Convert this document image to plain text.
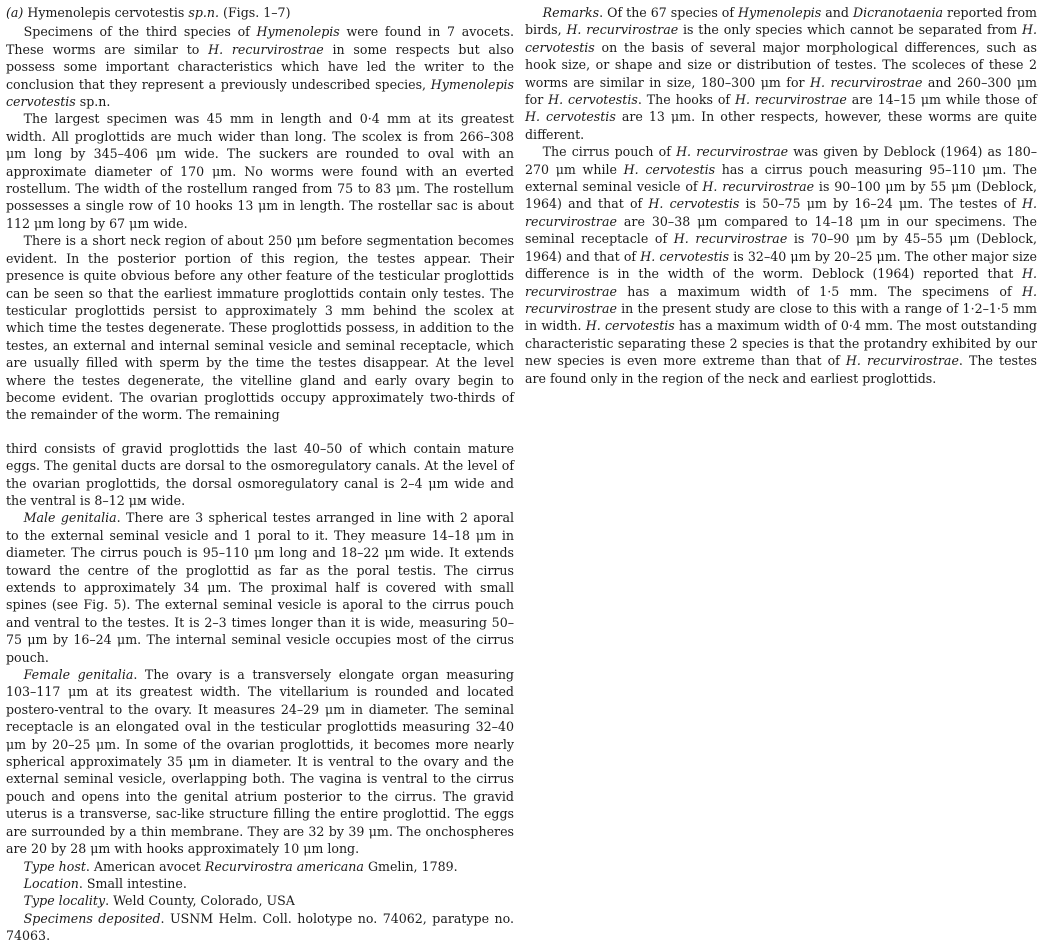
(a) Hymenolepis cervotestis sp.n. (Figs. 1–7)

Specimens of the third species of Hymenolepis were found in 7 avocets. These worms are similar to H. recurvirostrae in some respects but also possess some important characteristics which have led the writer to the conclusion that they represent a previously undescribed species, Hymenolepis cervotestis sp.n.

The largest specimen was 45 mm in length and 0·4 mm at its greatest width. All proglottids are much wider than long. The scolex is from 266–308 μm long by 345–406 μm wide. The suckers are rounded to oval with an approximate diameter of 170 μm. No worms were found with an everted rostellum. The width of the rostellum ranged from 75 to 83 μm. The rostellum possesses a single row of 10 hooks 13 μm in length. The rostellar sac is about 112 μm long by 67 μm wide.

There is a short neck region of about 250 μm before segmentation becomes evident. In the posterior portion of this region, the testes appear. Their presence is quite obvious before any other feature of the testicular proglottids can be seen so that the earliest immature proglottids contain only testes. The testicular proglottids persist to approximately 3 mm behind the scolex at which time the testes degenerate. These proglottids possess, in addition to the testes, an external and internal seminal vesicle and seminal receptacle, which are usually filled with sperm by the time the testes disappear. At the level where the testes degenerate, the vitelline gland and early ovary begin to become evident. The ovarian proglottids occupy approximately two-thirds of the remainder of the worm. The remaining

third consists of gravid proglottids the last 40–50 of which contain mature eggs. The genital ducts are dorsal to the osmoregulatory canals. At the level of the ovarian proglottids, the dorsal osmoregulatory canal is 2–4 μm wide and the ventral is 8–12 μм wide.

Male genitalia. There are 3 spherical testes arranged in line with 2 aporal to the external seminal vesicle and 1 poral to it. They measure 14–18 μm in diameter. The cirrus pouch is 95–110 μm long and 18–22 μm wide. It extends toward the centre of the proglottid as far as the poral testis. The cirrus extends to approximately 34 μm. The proximal half is covered with small spines (see Fig. 5). The external seminal vesicle is aporal to the cirrus pouch and ventral to the testes. It is 2–3 times longer than it is wide, measuring 50–75 μm by 16–24 μm. The internal seminal vesicle occupies most of the cirrus pouch.

Female genitalia. The ovary is a transversely elongate organ measuring 103–117 μm at its greatest width. The vitellarium is rounded and located postero-ventral to the ovary. It measures 24–29 μm in diameter. The seminal receptacle is an elongated oval in the testicular proglottids measuring 32–40 μm by 20–25 μm. In some of the ovarian proglottids, it becomes more nearly spherical approximately 35 μm in diameter. It is ventral to the ovary and the external seminal vesicle, overlapping both. The vagina is ventral to the cirrus pouch and opens into the genital atrium posterior to the cirrus. The gravid uterus is a transverse, sac-like structure filling the entire proglottid. The eggs are surrounded by a thin membrane. They are 32 by 39 μm. The onchospheres are 20 by 28 μm with hooks approximately 10 μm long.

Type host. American avocet Recurvirostra americana Gmelin, 1789.

Location. Small intestine.

Type locality. Weld County, Colorado, USA

Specimens deposited. USNM Helm. Coll. holotype no. 74062, paratype no. 74063.

Remarks. Of the 67 species of Hymenolepis and Dicranotaenia reported from birds, H. recurvirostrae is the only species which cannot be separated from H. cervotestis on the basis of several major morphological differences, such as hook size, or shape and size or distribution of testes. The scoleces of these 2 worms are similar in size, 180–300 μm for H. recurvirostrae and 260–300 μm for H. cervotestis. The hooks of H. recurvirostrae are 14–15 μm while those of H. cervotestis are 13 μm. In other respects, however, these worms are quite different.

The cirrus pouch of H. recurvirostrae was given by Deblock (1964) as 180–270 μm while H. cervotestis has a cirrus pouch measuring 95–110 μm. The external seminal vesicle of H. recurvirostrae is 90–100 μm by 55 μm (Deblock, 1964) and that of H. cervotestis is 50–75 μm by 16–24 μm. The testes of H. recurvirostrae are 30–38 μm compared to 14–18 μm in our specimens. The seminal receptacle of H. recurvirostrae is 70–90 μm by 45–55 μm (Deblock, 1964) and that of H. cervotestis is 32–40 μm by 20–25 μm. The other major size difference is in the width of the worm. Deblock (1964) reported that H. recurvirostrae has a maximum width of 1·5 mm. The specimens of H. recurvirostrae in the present study are close to this with a range of 1·2–1·5 mm in width. H. cervotestis has a maximum width of 0·4 mm. The most outstanding characteristic separating these 2 species is that the protandry exhibited by our new species is even more extreme than that of H. recurvirostrae. The testes are found only in the region of the neck and earliest proglottids.
